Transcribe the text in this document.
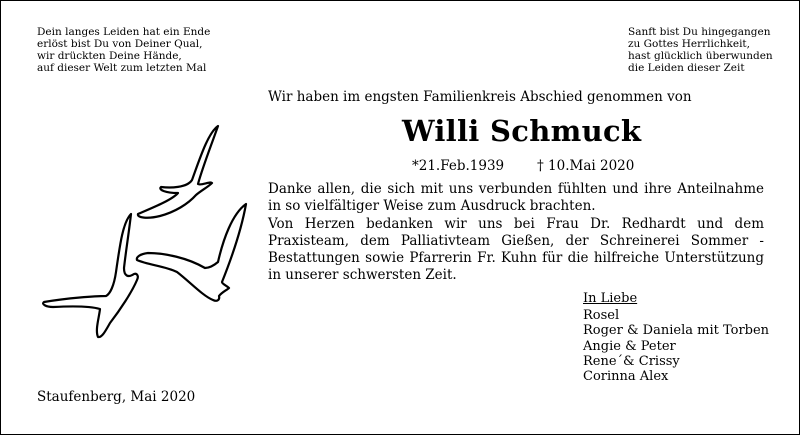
Dein langes Leiden hat ein Ende
erlöst bist Du von Deiner Qual,
wir drückten Deine Hände,
auf dieser Welt zum letzten Mal
Sanft bist Du hingegangen
zu Gottes Herrlichkeit,
hast glücklich überwunden
die Leiden dieser Zeit
Wir haben im engsten Familienkreis Abschied genommen von
Willi Schmuck
*21.Feb.1939 † 10.Mai 2020

Danke allen, die sich mit uns verbunden fühlten und ihre Anteilnahme in so vielfältiger Weise zum Ausdruck brachten.

Von Herzen bedanken wir uns bei Frau Dr. Redhardt und dem Praxisteam, dem Palliativteam Gießen, der Schreinerei Sommer - Bestattungen sowie Pfarrerin Fr. Kuhn für die hilfreiche Unterstützung in unserer schwersten Zeit.

In Liebe
Rosel
Roger & Daniela mit Torben
Angie & Peter
Rene´& Crissy
Corinna Alex
Staufenberg, Mai 2020
